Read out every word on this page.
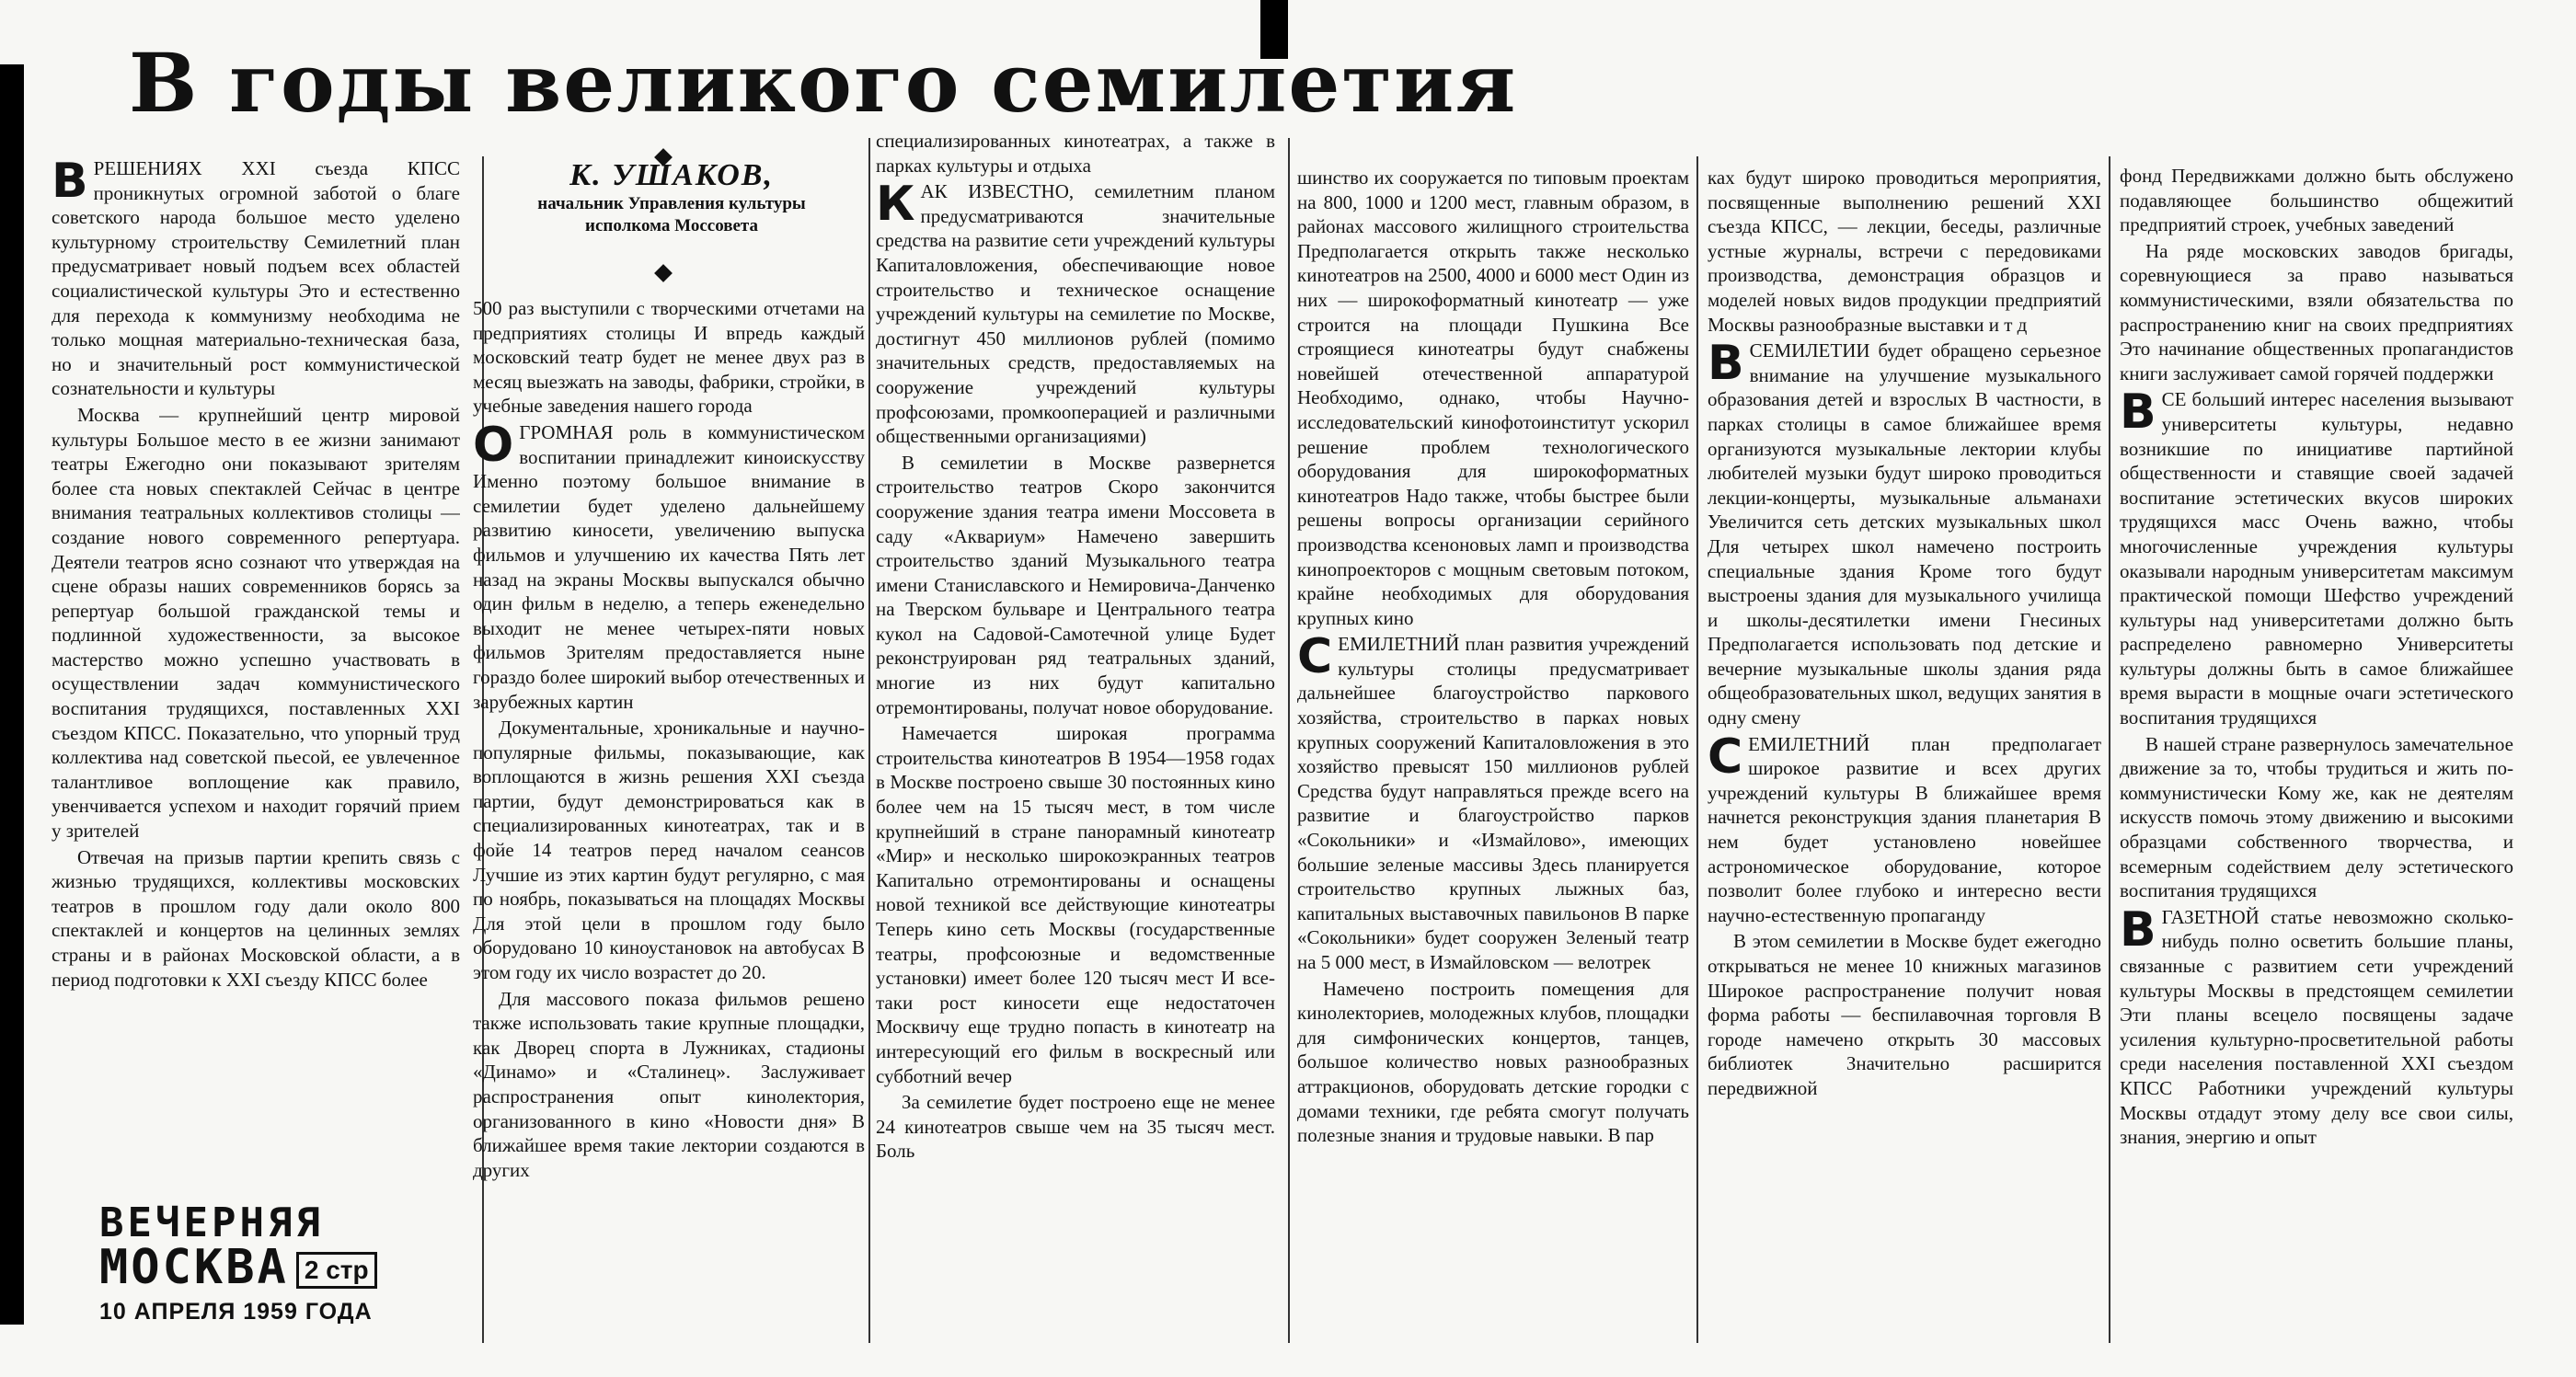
В годы великого семилетия
К. УШАКОВ,
начальник Управления культуры исполкома Моссовета

ВРЕШЕНИЯХ XXI съезда КПСС проникнутых огромной заботой о благе советского народа большое место уделено культурному строительству Семилетний план предусматривает новый подъем всех областей социалистической культуры Это и естественно для перехода к коммунизму необходима не только мощная материально-техническая база, но и значительный рост коммунистической сознательности и культуры

Москва — крупнейший центр мировой культуры Большое место в ее жизни занимают театры Ежегодно они показывают зрителям более ста новых спектаклей Сейчас в центре внимания театральных коллективов столицы — создание нового современного репертуара. Деятели театров ясно сознают что утверждая на сцене образы наших современников борясь за репертуар большой гражданской темы и подлинной художественности, за высокое мастерство можно успешно участвовать в осуществлении задач коммунистического воспитания трудящихся, поставленных XXI съездом КПСС. Показательно, что упорный труд коллектива над советской пьесой, ее увлеченное талантливое воплощение как правило, увенчивается успехом и находит горячий прием у зрителей

Отвечая на призыв партии крепить связь с жизнью трудящихся, коллективы московских театров в прошлом году дали около 800 спектаклей и концертов на целинных землях страны и в районах Московской области, а в период подготовки к XXI съезду КПСС более

500 раз выступили с творческими отчетами на предприятиях столицы И впредь каждый московский театр будет не менее двух раз в месяц выезжать на заводы, фабрики, стройки, в учебные заведения нашего города

ОГРОМНАЯ роль в коммунистическом воспитании принадлежит киноискусству Именно поэтому большое внимание в семилетии будет уделено дальнейшему развитию киносети, увеличению выпуска фильмов и улучшению их качества Пять лет назад на экраны Москвы выпускался обычно один фильм в неделю, а теперь еженедельно выходит не менее четырех-пяти новых фильмов Зрителям предоставляется ныне гораздо более широкий выбор отечественных и зарубежных картин

Документальные, хроникальные и научно-популярные фильмы, показывающие, как воплощаются в жизнь решения XXI съезда партии, будут демонстрироваться как в специализированных кинотеатрах, так и в фойе 14 театров перед началом сеансов Лучшие из этих картин будут регулярно, с мая по ноябрь, показываться на площадях Москвы Для этой цели в прошлом году было оборудовано 10 киноустановок на автобусах В этом году их число возрастет до 20.

Для массового показа фильмов решено также использовать такие крупные площадки, как Дворец спорта в Лужниках, стадионы «Динамо» и «Сталинец». Заслуживает распространения опыт кинолектория, организованного в кино «Новости дня» В ближайшее время такие лектории создаются в других

специализированных кинотеатрах, а также в парках культуры и отдыха

КАК ИЗВЕСТНО, семилетним планом предусматриваются значительные средства на развитие сети учреждений культуры Капиталовложения, обеспечивающие новое строительство и техническое оснащение учреждений культуры на семилетие по Москве, достигнут 450 миллионов рублей (помимо значительных средств, предоставляемых на сооружение учреждений культуры профсоюзами, промкооперацией и различными общественными организациями)

В семилетии в Москве развернется строительство театров Скоро закончится сооружение здания театра имени Моссовета в саду «Аквариум» Намечено завершить строительство зданий Музыкального театра имени Станиславского и Немировича-Данченко на Тверском бульваре и Центрального театра кукол на Садовой-Самотечной улице Будет реконструирован ряд театральных зданий, многие из них будут капитально отремонтированы, получат новое оборудование.

Намечается широкая программа строительства кинотеатров В 1954—1958 годах в Москве построено свыше 30 постоянных кино более чем на 15 тысяч мест, в том числе крупнейший в стране панорамный кинотеатр «Мир» и несколько широкоэкранных театров Капитально отремонтированы и оснащены новой техникой все действующие кинотеатры Теперь кино сеть Москвы (государственные театры, профсоюзные и ведомственные установки) имеет более 120 тысяч мест И все-таки рост киносети еще недостаточен Москвичу еще трудно попасть в кинотеатр на интересующий его фильм в воскресный или субботний вечер

За семилетие будет построено еще не менее 24 кинотеатров свыше чем на 35 тысяч мест. Боль

шинство их сооружается по типовым проектам на 800, 1000 и 1200 мест, главным образом, в районах массового жилищного строительства Предполагается открыть также несколько кинотеатров на 2500, 4000 и 6000 мест Один из них — широкоформатный кинотеатр — уже строится на площади Пушкина Все строящиеся кинотеатры будут снабжены новейшей отечественной аппаратурой Необходимо, однако, чтобы Научно-исследовательский кинофотоинститут ускорил решение проблем технологического оборудования для широкоформатных кинотеатров Надо также, чтобы быстрее были решены вопросы организации серийного производства ксеноновых ламп и производства кинопроекторов с мощным световым потоком, крайне необходимых для оборудования крупных кино

СЕМИЛЕТНИЙ план развития учреждений культуры столицы предусматривает дальнейшее благоустройство паркового хозяйства, строительство в парках новых крупных сооружений Капиталовложения в это хозяйство превысят 150 миллионов рублей Средства будут направляться прежде всего на развитие и благоустройство парков «Сокольники» и «Измайлово», имеющих большие зеленые массивы Здесь планируется строительство крупных лыжных баз, капитальных выставочных павильонов В парке «Сокольники» будет сооружен Зеленый театр на 5 000 мест, в Измайловском — велотрек

Намечено построить помещения для кинолекториев, молодежных клубов, площадки для симфонических концертов, танцев, большое количество новых разнообразных аттракционов, оборудовать детские городки с домами техники, где ребята смогут получать полезные знания и трудовые навыки. В пар

ках будут широко проводиться мероприятия, посвященные выполнению решений XXI съезда КПСС, — лекции, беседы, различные устные журналы, встречи с передовиками производства, демонстрация образцов и моделей новых видов продукции предприятий Москвы разнообразные выставки и т д

ВСЕМИЛЕТИИ будет обращено серьезное внимание на улучшение музыкального образования детей и взрослых В частности, в парках столицы в самое ближайшее время организуются музыкальные лектории клубы любителей музыки будут широко проводиться лекции-концерты, музыкальные альманахи Увеличится сеть детских музыкальных школ Для четырех школ намечено построить специальные здания Кроме того будут выстроены здания для музыкального училища и школы-десятилетки имени Гнесиных Предполагается использовать под детские и вечерние музыкальные школы здания ряда общеобразовательных школ, ведущих занятия в одну смену

СЕМИЛЕТНИЙ план предполагает широкое развитие и всех других учреждений культуры В ближайшее время начнется реконструкция здания планетария В нем будет установлено новейшее астрономическое оборудование, которое позволит более глубоко и интересно вести научно-естественную пропаганду

В этом семилетии в Москве будет ежегодно открываться не менее 10 книжных магазинов Широкое распространение получит новая форма работы — беспилавочная торговля В городе намечено открыть 30 массовых библиотек Значительно расширится передвижной

фонд Передвижками должно быть обслужено подавляющее большинство общежитий предприятий строек, учебных заведений

На ряде московских заводов бригады, соревнующиеся за право называться коммунистическими, взяли обязательства по распространению книг на своих предприятиях Это начинание общественных пропагандистов книги заслуживает самой горячей поддержки

ВСЕ больший интерес населения вызывают университеты культуры, недавно возникшие по инициативе партийной общественности и ставящие своей задачей воспитание эстетических вкусов широких трудящихся масс Очень важно, чтобы многочисленные учреждения культуры оказывали народным университетам максимум практической помощи Шефство учреждений культуры над университетами должно быть распределено равномерно Университеты культуры должны быть в самое ближайшее время выраcти в мощные очаги эстетического воспитания трудящихся

В нашей стране развернулось замечательное движение за то, чтобы трудиться и жить по-коммунистически Кому же, как не деятелям искусств помочь этому движению и высокими образцами собственного творчества, и всемерным содействием делу эстетического воспитания трудящихся

ВГАЗЕТНОЙ статье невозможно сколько-нибудь полно осветить большие планы, связанные с развитием сети учреждений культуры Москвы в предстоящем семилетии Эти планы всецело посвящены задаче усиления культурно-просветительной работы среди населения поставленной XXI съездом КПСС Работники учреждений культуры Москвы отдадут этому делу все свои силы, знания, энергию и опыт

ВЕЧЕРНЯЯ
МОСКВА 2 стр
10 АПРЕЛЯ 1959 ГОДА
